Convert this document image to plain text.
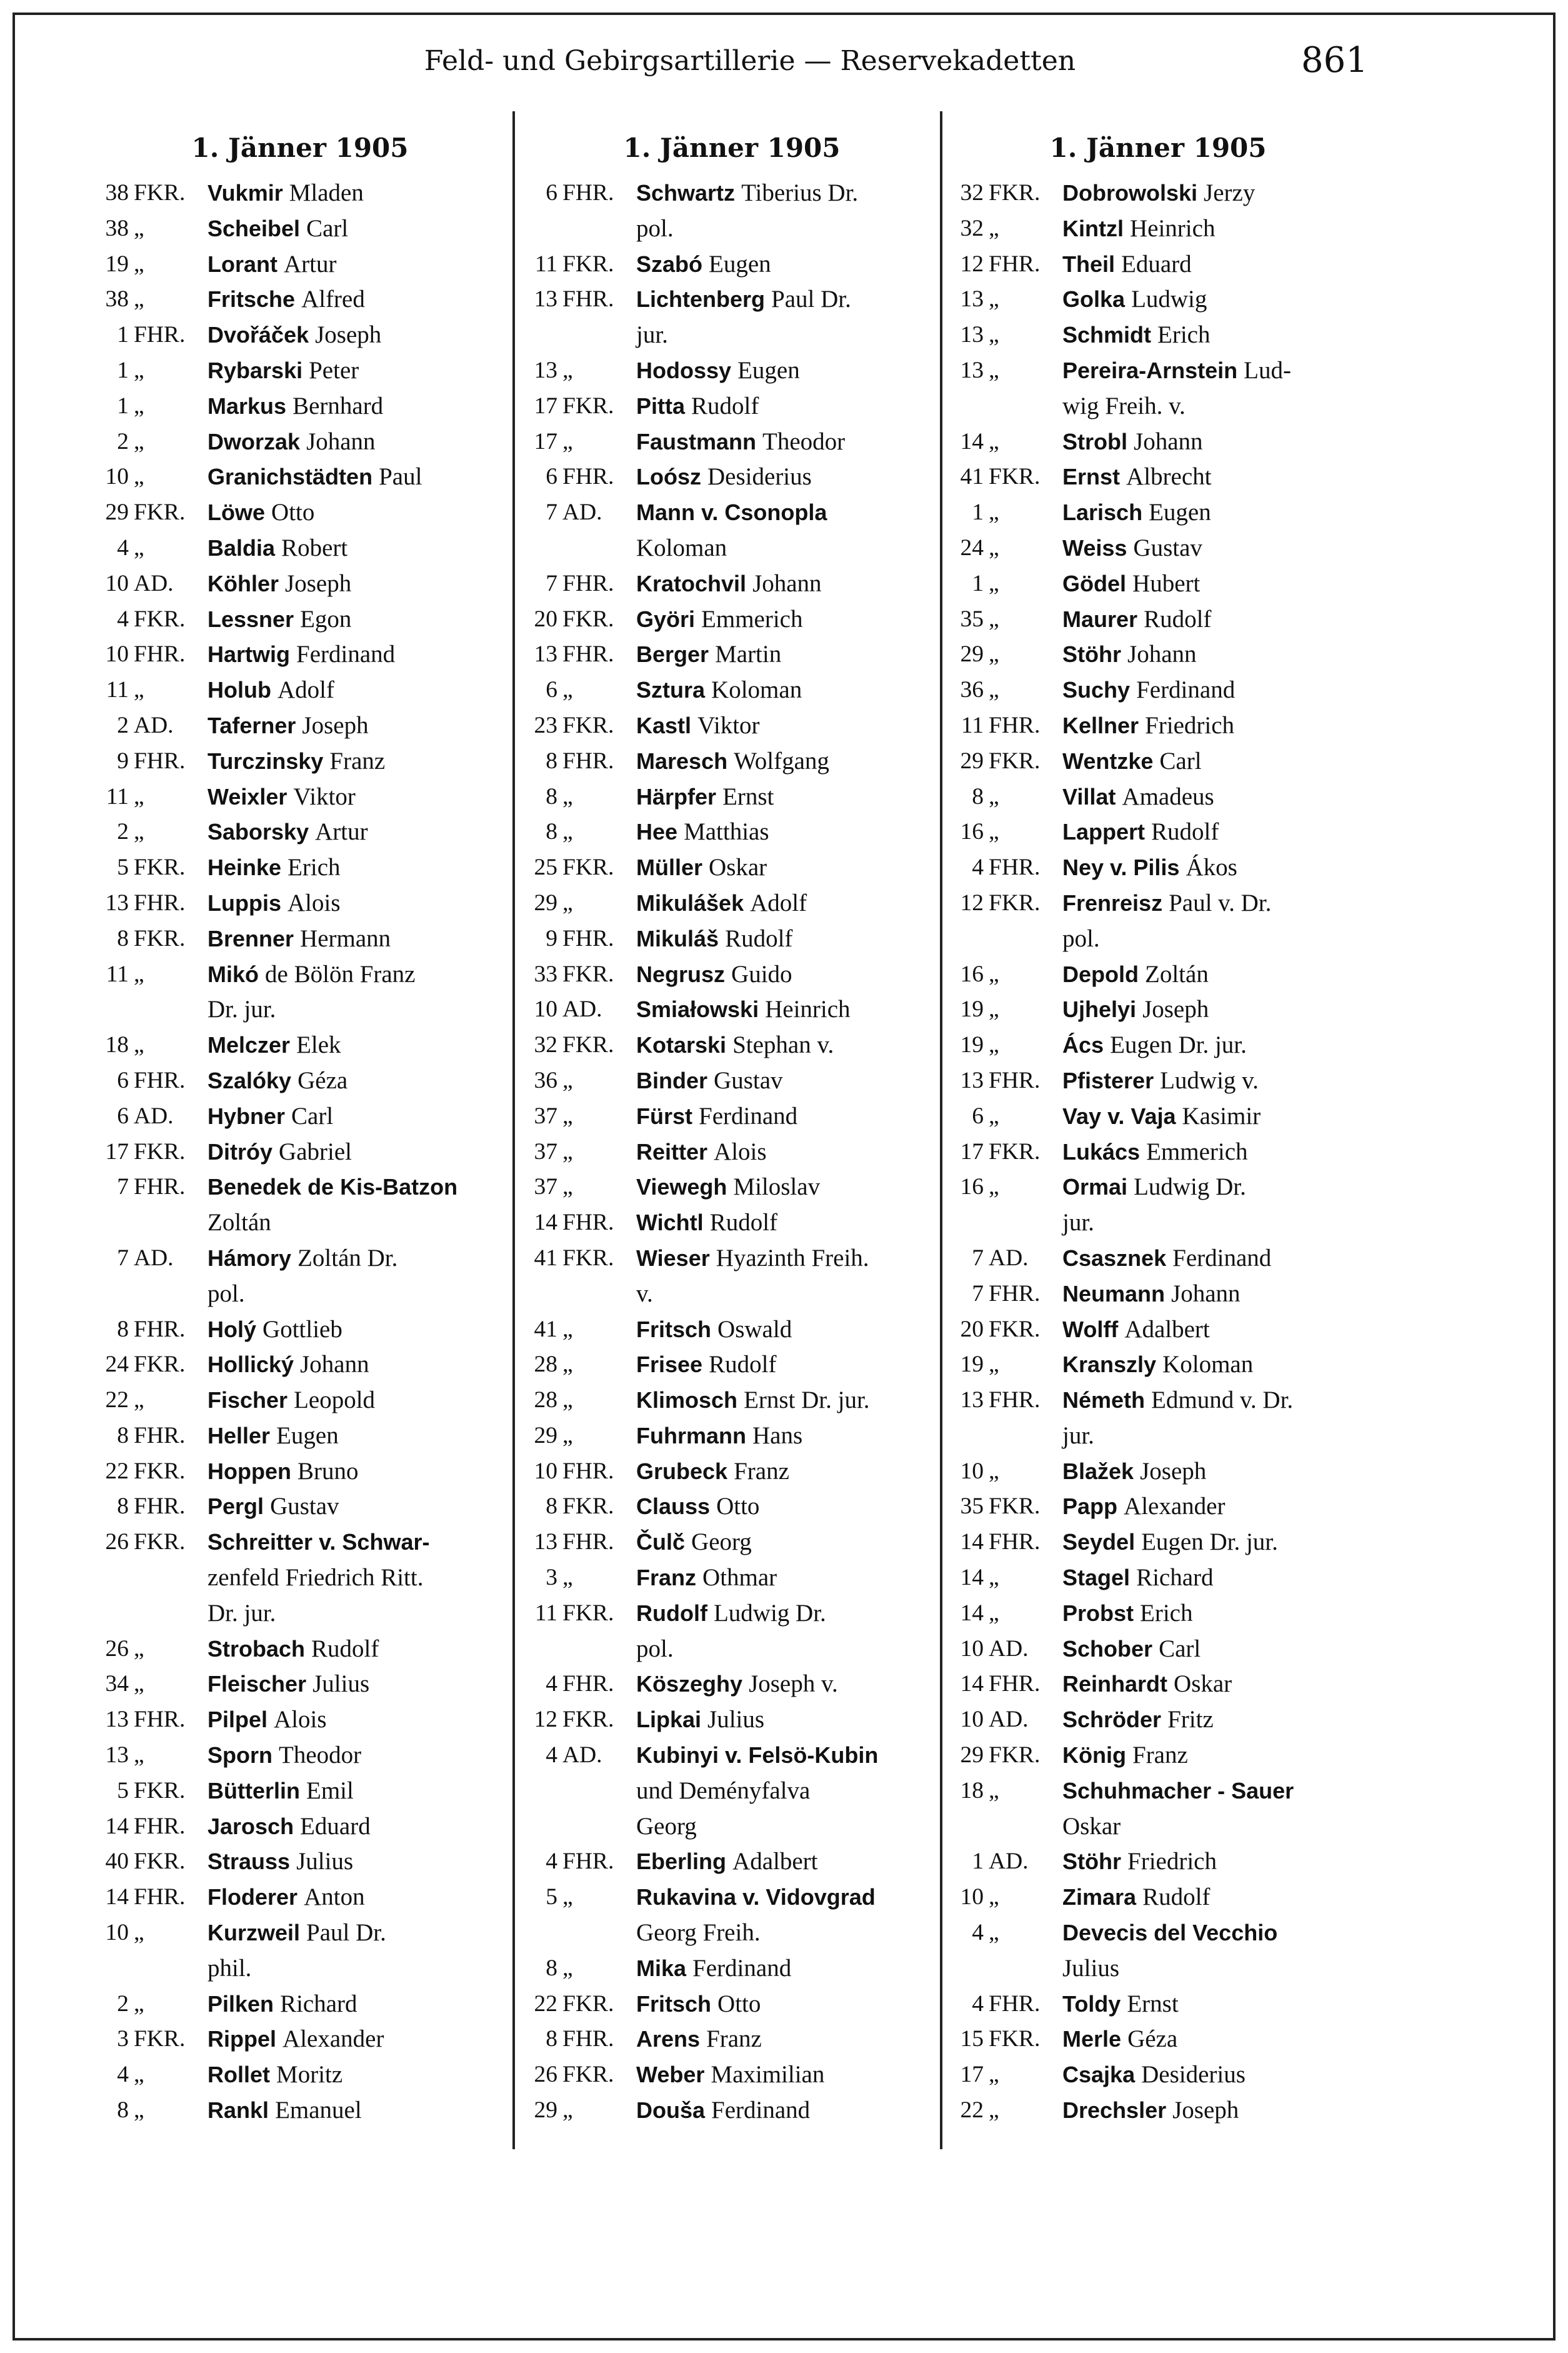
Feld- und Gebirgsartillerie — Reservekadetten	861
1. Jänner 1905
38 FKR. Vukmir Mladen
38 „	Scheibel Carl
19 „	Lorant Artur
38 „	Fritsche Alfred
1 FHR. Dvořáček Joseph
1 „	Rybarski Peter
1 „	Markus Bernhard
2 „	Dworzak Johann
10 „	Granichstädten Paul
29 FKR. Löwe Otto
4 „	Baldia Robert
10 AD.	Köhler Joseph
4 FKR. Lessner Egon
10 FHR. Hartwig Ferdinand
11 „	Holub Adolf
2 AD.	Taferner Joseph
9 FHR. Turczinsky Franz
11 „	Weixler Viktor
2 „	Saborsky Artur
5 FKR. Heinke Erich
13 FHR. Luppis Alois
8 FKR. Brenner Hermann
11 „	Mikó de Bölön Franz
Dr. jur.
18 „	Melczer Elek
6 FHR. Szalóky Géza
6 AD.	Hybner Carl
17 FKR. Ditróy Gabriel
7 FHR. Benedek de Kis-Batzon
Zoltán
7 AD.	Hámory Zoltán Dr.
pol.
8 FHR. Holý Gottlieb
24 FKR. Hollický Johann
22 „	Fischer Leopold
8 FHR. Heller Eugen
22 FKR. Hoppen Bruno
8 FHR. Pergl Gustav
26 FKR. Schreitter v. Schwar-
zenfeld Friedrich Ritt.
Dr. jur.
26 „	Strobach Rudolf
34 „	Fleischer Julius
13 FHR. Pilpel Alois
13 „	Sporn Theodor
5 FKR. Bütterlin Emil
14 FHR. Jarosch Eduard
40 FKR. Strauss Julius
14 FHR. Floderer Anton
10 „	Kurzweil Paul Dr.
phil.
2 „	Pilken Richard
3 FKR. Rippel Alexander
4 „	Rollet Moritz
8 „	Rankl Emanuel
1. Jänner 1905
6 FHR. Schwartz Tiberius Dr.
pol.
11 FKR. Szabó Eugen
13 FHR. Lichtenberg Paul Dr.
jur.
13 „	Hodossy Eugen
17 FKR. Pitta Rudolf
17 „	Faustmann Theodor
6 FHR. Loósz Desiderius
7 AD.	Mann v. Csonopla
Koloman
7 FHR. Kratochvil Johann
20 FKR. Györi Emmerich
13 FHR. Berger Martin
6 „	Sztura Koloman
23 FKR. Kastl Viktor
8 FHR. Maresch Wolfgang
8 „	Härpfer Ernst
8 „	Hee Matthias
25 FKR. Müller Oskar
29 „	Mikulášek Adolf
9 FHR. Mikuláš Rudolf
33 FKR. Negrusz Guido
10 AD.	Smiałowski Heinrich
32 FKR. Kotarski Stephan v.
36 „	Binder Gustav
37 „	Fürst Ferdinand
37 „	Reitter Alois
37 „	Viewegh Miloslav
14 FHR. Wichtl Rudolf
41 FKR. Wieser Hyazinth Freih.
v.
41 „	Fritsch Oswald
28 „	Frisee Rudolf
28 „	Klimosch Ernst Dr. jur.
29 „	Fuhrmann Hans
10 FHR. Grubeck Franz
8 FKR. Clauss Otto
13 FHR. Čulč Georg
3 „	Franz Othmar
11 FKR. Rudolf Ludwig Dr.
pol.
4 FHR. Köszeghy Joseph v.
12 FKR. Lipkai Julius
4 AD.	Kubinyi v. Felsö-Kubin
und Deményfalva
Georg
4 FHR. Eberling Adalbert
5 „	Rukavina v. Vidovgrad
Georg Freih.
8 „	Mika Ferdinand
22 FKR. Fritsch Otto
8 FHR. Arens Franz
26 FKR. Weber Maximilian
29 „	Douša Ferdinand
1. Jänner 1905
32 FKR. Dobrowolski Jerzy
32 „	Kintzl Heinrich
12 FHR. Theil Eduard
13 „	Golka Ludwig
13 „	Schmidt Erich
13 „	Pereira-Arnstein Lud-
wig Freih. v.
14 „	Strobl Johann
41 FKR. Ernst Albrecht
1 „	Larisch Eugen
24 „	Weiss Gustav
1 „	Gödel Hubert
35 „	Maurer Rudolf
29 „	Stöhr Johann
36 „	Suchy Ferdinand
11 FHR. Kellner Friedrich
29 FKR. Wentzke Carl
8 „	Villat Amadeus
16 „	Lappert Rudolf
4 FHR. Ney v. Pilis Ákos
12 FKR. Frenreisz Paul v. Dr.
pol.
16 „	Depold Zoltán
19 „	Ujhelyi Joseph
19 „	Ács Eugen Dr. jur.
13 FHR. Pfisterer Ludwig v.
6 „	Vay v. Vaja Kasimir
17 FKR. Lukács Emmerich
16 „	Ormai Ludwig Dr.
jur.
7 AD.	Csasznek Ferdinand
7 FHR. Neumann Johann
20 FKR. Wolff Adalbert
19 „	Kranszly Koloman
13 FHR. Németh Edmund v. Dr.
jur.
10 „	Blažek Joseph
35 FKR. Papp Alexander
14 FHR. Seydel Eugen Dr. jur.
14 „	Stagel Richard
14 „	Probst Erich
10 AD.	Schober Carl
14 FHR. Reinhardt Oskar
10 AD.	Schröder Fritz
29 FKR. König Franz
18 „	Schuhmacher - Sauer
Oskar
1 AD.	Stöhr Friedrich
10 „	Zimara Rudolf
4 „	Devecis del Vecchio
Julius
4 FHR. Toldy Ernst
15 FKR. Merle Géza
17 „	Csajka Desiderius
22 „	Drechsler Joseph
